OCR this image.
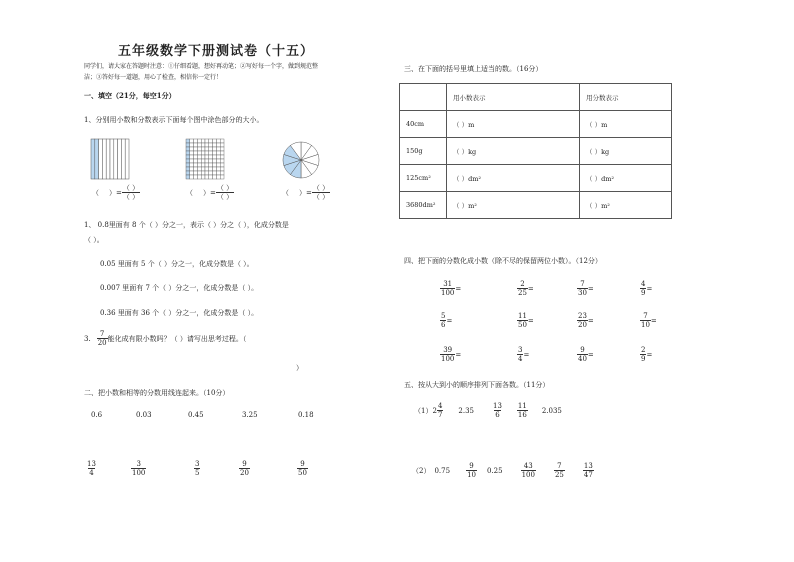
五年级数学下册测试卷（十五）
同学们，请大家在答题时注意：①仔细看题，想好再动笔；②写好每一个字，做到规范整
洁；③答好每一道题，用心了检查，相信你一定行！
一、填空（21分，每空1分）
1、分别用小数和分数表示下面每个图中涂色部分的大小。
（ ） = $\frac{( )}{( )}$	（ ） = $\frac{( )}{( )}$	（ ） = $\frac{( )}{( )}$
1、 0.8里面有 8 个（ ）分之一，表示（ ）分之（ ），化成分数是
（ ）。
0.05 里面有 5 个（ ）分之一，化成分数是（ ）。
0.007 里面有 7 个（ ）分之一，化成分数是（ ）。
0.36 里面有 36 个（ ）分之一，化成分数是（ ）。
3. $\frac{7}{20}$ 能化成有限小数吗？（ ）请写出思考过程。（
）
二、把小数和相等的分数用线连起来。（10分）
0.6	0.03	0.45	3.25	0.18
$\frac{13}{4}$	$\frac{3}{100}$	$\frac{3}{5}$	$\frac{9}{20}$	$\frac{9}{50}$
三、在下面的括号里填上适当的数。（16分）
	用小数表示	用分数表示
40cm	（ ）m	（ ）m
150g	（ ）kg	（ ）kg
125cm²	（ ）dm²	（ ）dm²
3680dm²	（ ）m²	（ ）m²
四、把下面的分数化成小数（除不尽的保留两位小数）。（12分）
$\frac{31}{100}$ =	$\frac{2}{25}$ =	$\frac{7}{30}$ =	$\frac{4}{9}$ =
$\frac{5}{6}$ =	$\frac{11}{50}$ =	$\frac{23}{20}$ =	$\frac{7}{10}$ =
$\frac{39}{100}$ =	$\frac{3}{4}$ =	$\frac{9}{40}$ =	$\frac{2}{9}$ =
五、按从大到小的顺序排列下面各数。（11分）
（1） $2 \frac{4}{7} 2.35$	$\frac{13}{6} \frac{11}{16} 2.035$
（2） $0.75 \frac{9}{10} 0.25$	$\frac{43}{100}$	$\frac{7}{25}$	$\frac{13}{47}$
